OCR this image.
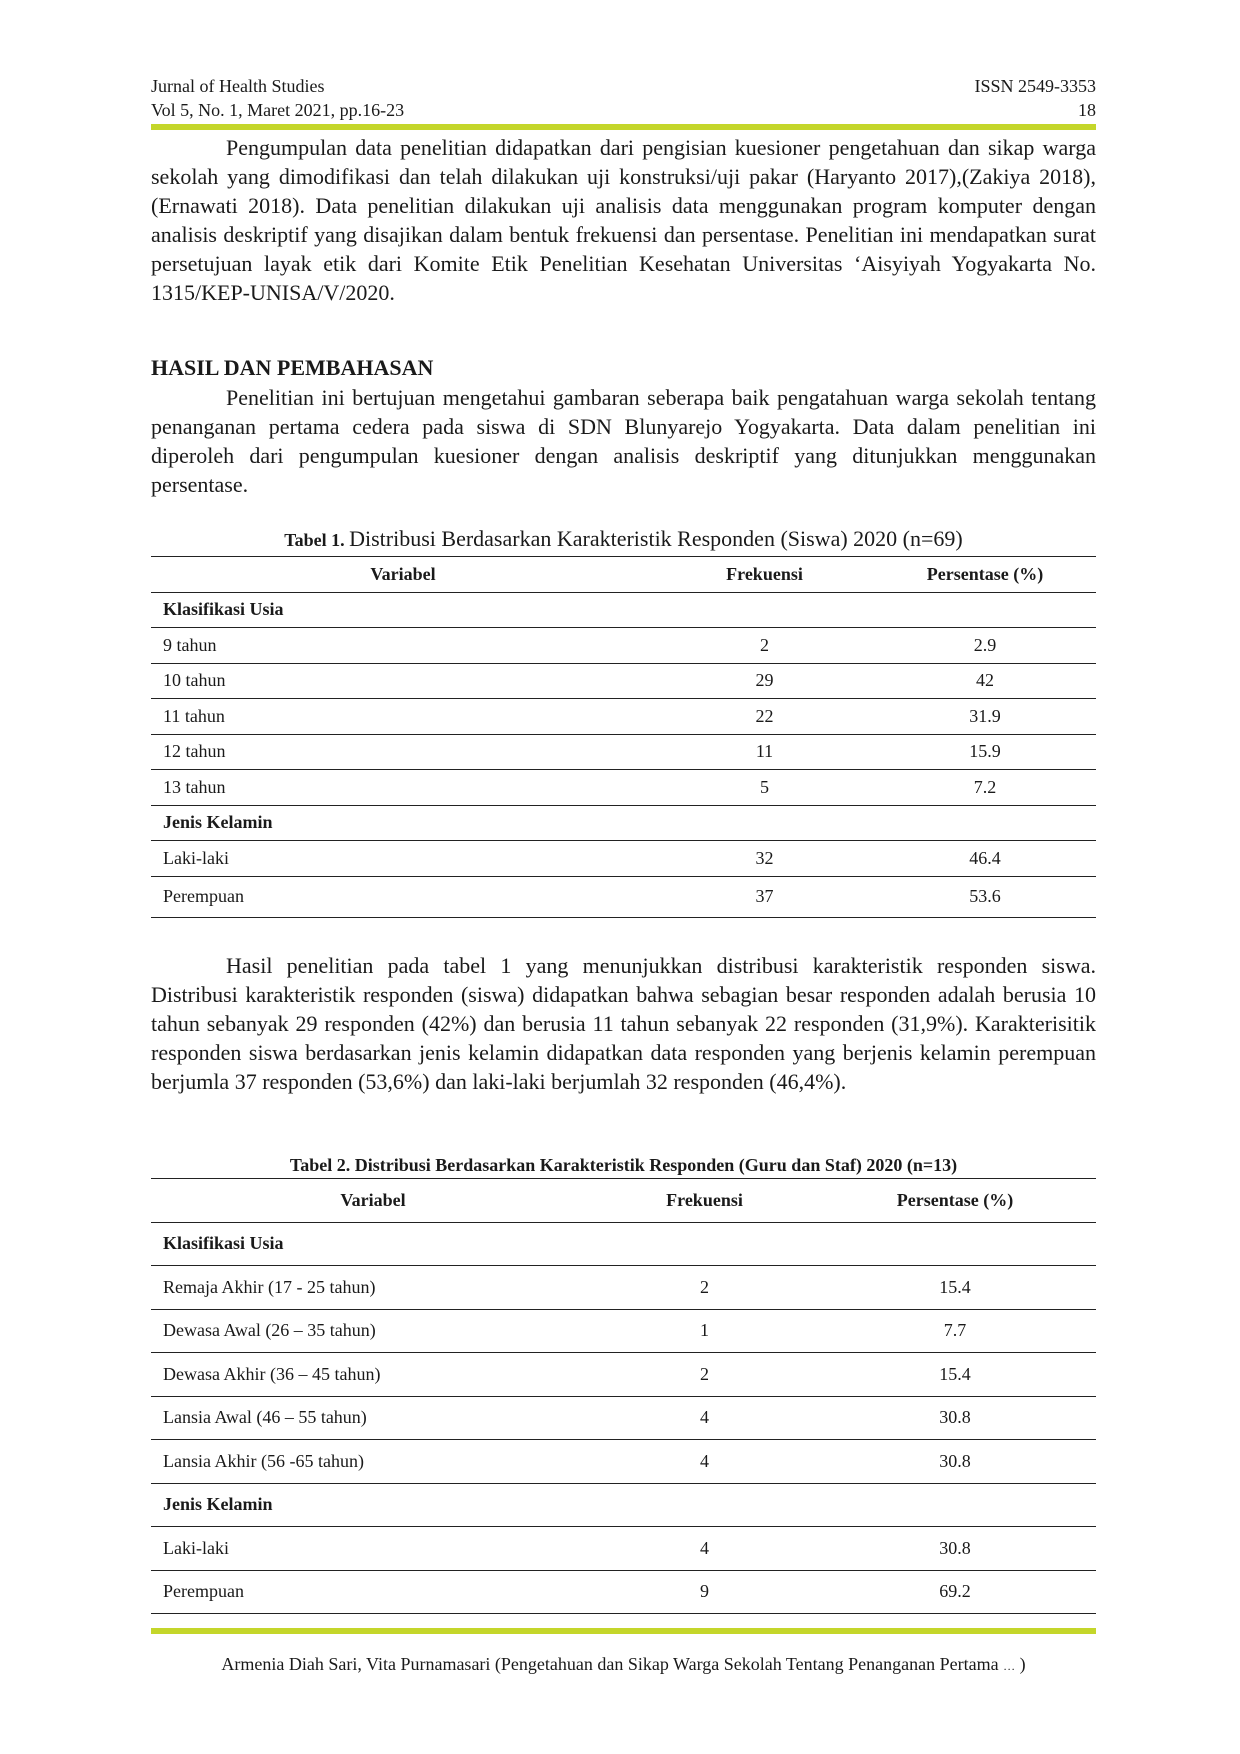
Jurnal of Health Studies	ISSN 2549-3353
Vol 5, No. 1, Maret 2021, pp.16-23	18

Pengumpulan data penelitian didapatkan dari pengisian kuesioner pengetahuan dan sikap warga sekolah yang dimodifikasi dan telah dilakukan uji konstruksi/uji pakar (Haryanto 2017),(Zakiya 2018), (Ernawati 2018). Data penelitian dilakukan uji analisis data menggunakan program komputer dengan analisis deskriptif yang disajikan dalam bentuk frekuensi dan persentase. Penelitian ini mendapatkan surat persetujuan layak etik dari Komite Etik Penelitian Kesehatan Universitas ‘Aisyiyah Yogyakarta No. 1315/KEP-UNISA/V/2020.

HASIL DAN PEMBAHASAN

Penelitian ini bertujuan mengetahui gambaran seberapa baik pengatahuan warga sekolah tentang penanganan pertama cedera pada siswa di SDN Blunyarejo Yogyakarta. Data dalam penelitian ini diperoleh dari pengumpulan kuesioner dengan analisis deskriptif yang ditunjukkan menggunakan persentase.

Tabel 1. Distribusi Berdasarkan Karakteristik Responden (Siswa) 2020 (n=69)

Variabel	Frekuensi	Persentase (%)
Klasifikasi Usia		
9 tahun	2	2.9
10 tahun	29	42
11 tahun	22	31.9
12 tahun	11	15.9
13 tahun	5	7.2
Jenis Kelamin		
Laki-laki	32	46.4
Perempuan	37	53.6

Hasil penelitian pada tabel 1 yang menunjukkan distribusi karakteristik responden siswa. Distribusi karakteristik responden (siswa) didapatkan bahwa sebagian besar responden adalah berusia 10 tahun sebanyak 29 responden (42%) dan berusia 11 tahun sebanyak 22 responden (31,9%). Karakterisitik responden siswa berdasarkan jenis kelamin didapatkan data responden yang berjenis kelamin perempuan berjumla 37 responden (53,6%) dan laki-laki berjumlah 32 responden (46,4%).

Tabel 2. Distribusi Berdasarkan Karakteristik Responden (Guru dan Staf) 2020 (n=13)

Variabel	Frekuensi	Persentase (%)
Klasifikasi Usia		
Remaja Akhir (17 - 25 tahun)	2	15.4
Dewasa Awal (26 – 35 tahun)	1	7.7
Dewasa Akhir (36 – 45 tahun)	2	15.4
Lansia Awal (46 – 55 tahun)	4	30.8
Lansia Akhir (56 -65 tahun)	4	30.8
Jenis Kelamin		
Laki-laki	4	30.8
Perempuan	9	69.2
Armenia Diah Sari, Vita Purnamasari (Pengetahuan dan Sikap Warga Sekolah Tentang Penanganan Pertama … )
